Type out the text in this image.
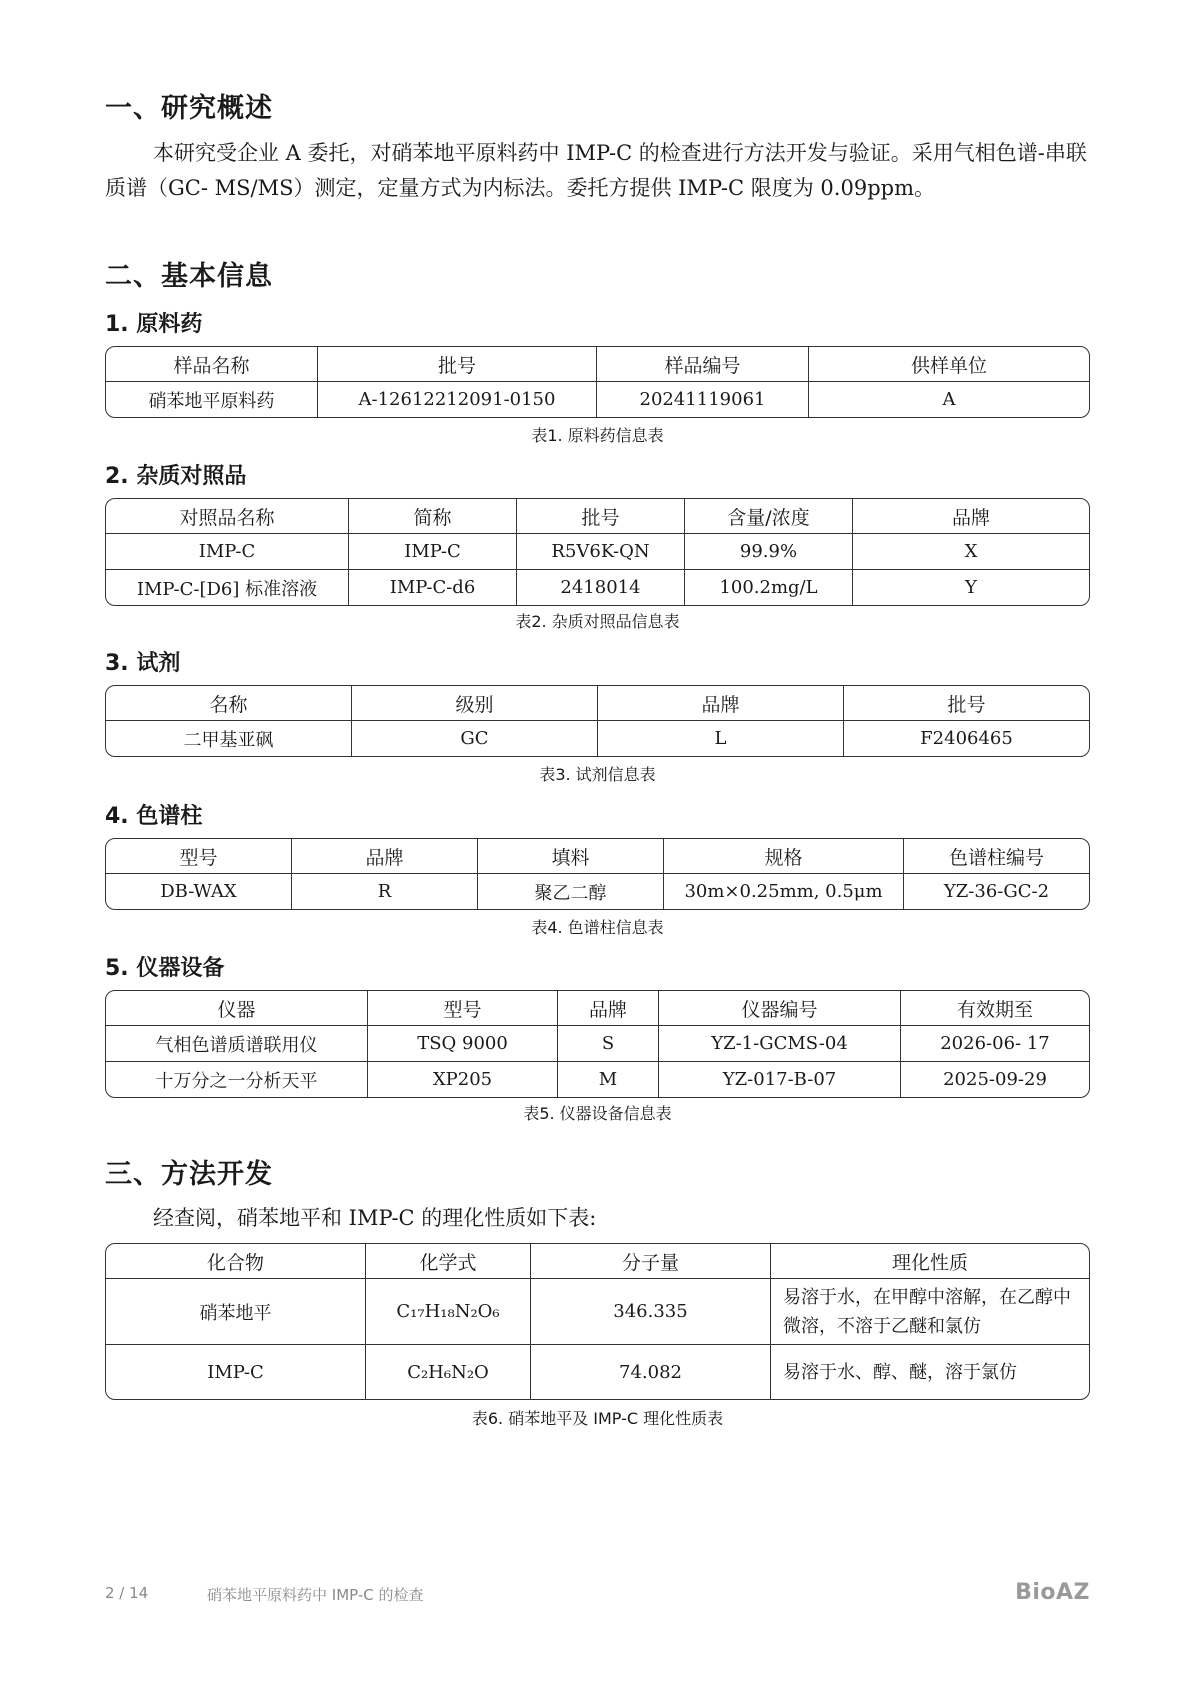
一、研究概述

本研究受企业 A 委托，对硝苯地平原料药中 IMP-C 的检查进行方法开发与验证。采用气相色谱-串联质谱（GC- MS/MS）测定，定量方式为内标法。委托方提供 IMP-C 限度为 0.09ppm。

二、基本信息
1. 原料药
样品名称	批号	样品编号	供样单位
硝苯地平原料药	A-12612212091-0150	20241119061	A
表1. 原料药信息表
2. 杂质对照品
对照品名称	简称	批号	含量/浓度	品牌
IMP-C	IMP-C	R5V6K-QN	99.9%	X
IMP-C-[D6] 标准溶液	IMP-C-d6	2418014	100.2mg/L	Y
表2. 杂质对照品信息表
3. 试剂
名称	级别	品牌	批号
二甲基亚砜	GC	L	F2406465
表3. 试剂信息表
4. 色谱柱
型号	品牌	填料	规格	色谱柱编号
DB-WAX	R	聚乙二醇	30m×0.25mm, 0.5μm	YZ-36-GC-2
表4. 色谱柱信息表
5. 仪器设备
仪器	型号	品牌	仪器编号	有效期至
气相色谱质谱联用仪	TSQ 9000	S	YZ-1-GCMS-04	2026-06- 17
十万分之一分析天平	XP205	M	YZ-017-B-07	2025-09-29
表5. 仪器设备信息表
三、方法开发

经查阅，硝苯地平和 IMP-C 的理化性质如下表:

化合物	化学式	分子量	理化性质
硝苯地平	C₁₇H₁₈N₂O₆	346.335	易溶于水，在甲醇中溶解，在乙醇中微溶，不溶于乙醚和氯仿
IMP-C	C₂H₆N₂O	74.082	易溶于水、醇、醚，溶于氯仿
表6. 硝苯地平及 IMP-C 理化性质表
2 / 14	硝苯地平原料药中 IMP-C 的检查	BioAZ
